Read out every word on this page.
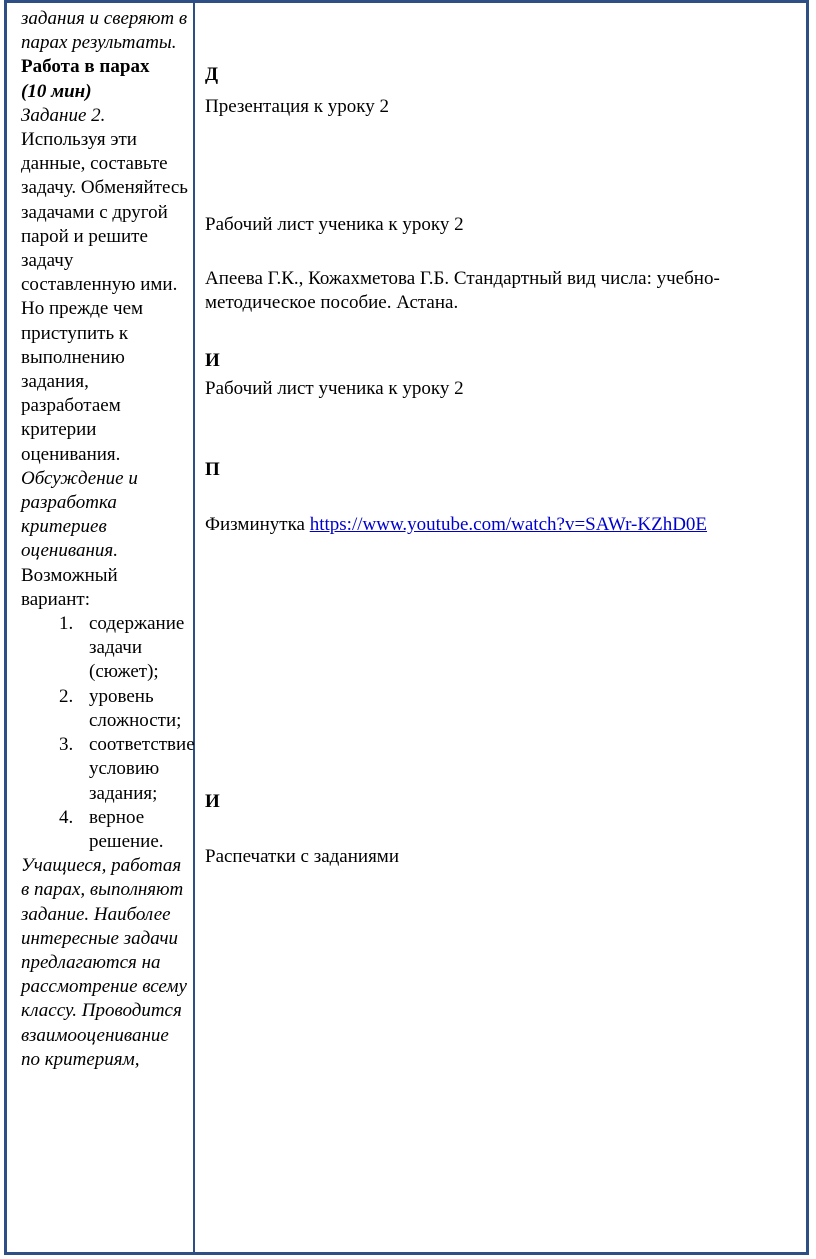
задания и сверяют в парах результаты.

Работа в парах

(10 мин)

Задание 2.

Используя эти данные, составьте задачу. Обменяйтесь задачами с другой парой и решите задачу составленную ими. Но прежде чем приступить к выполнению задания, разработаем критерии оценивания.

Обсуждение и разработка критериев оценивания.

Возможный вариант:

1. содержание задачи (сюжет);
2. уровень сложности;
3. соответствие условию задания;
4. верное решение.

Учащиеся, работая в парах, выполняют задание. Наиболее интересные задачи предлагаются на рассмотрение всему классу. Проводится взаимооценивание по критериям,

Д
Презентация к уроку 2
Рабочий лист ученика к уроку 2
Апеева Г.К., Кожахметова Г.Б. Стандартный вид числа: учебно-
методическое пособие. Астана.
И
Рабочий лист ученика к уроку 2
П
Физминутка https://www.youtube.com/watch?v=SAWr-KZhD0E
И
Распечатки с заданиями
